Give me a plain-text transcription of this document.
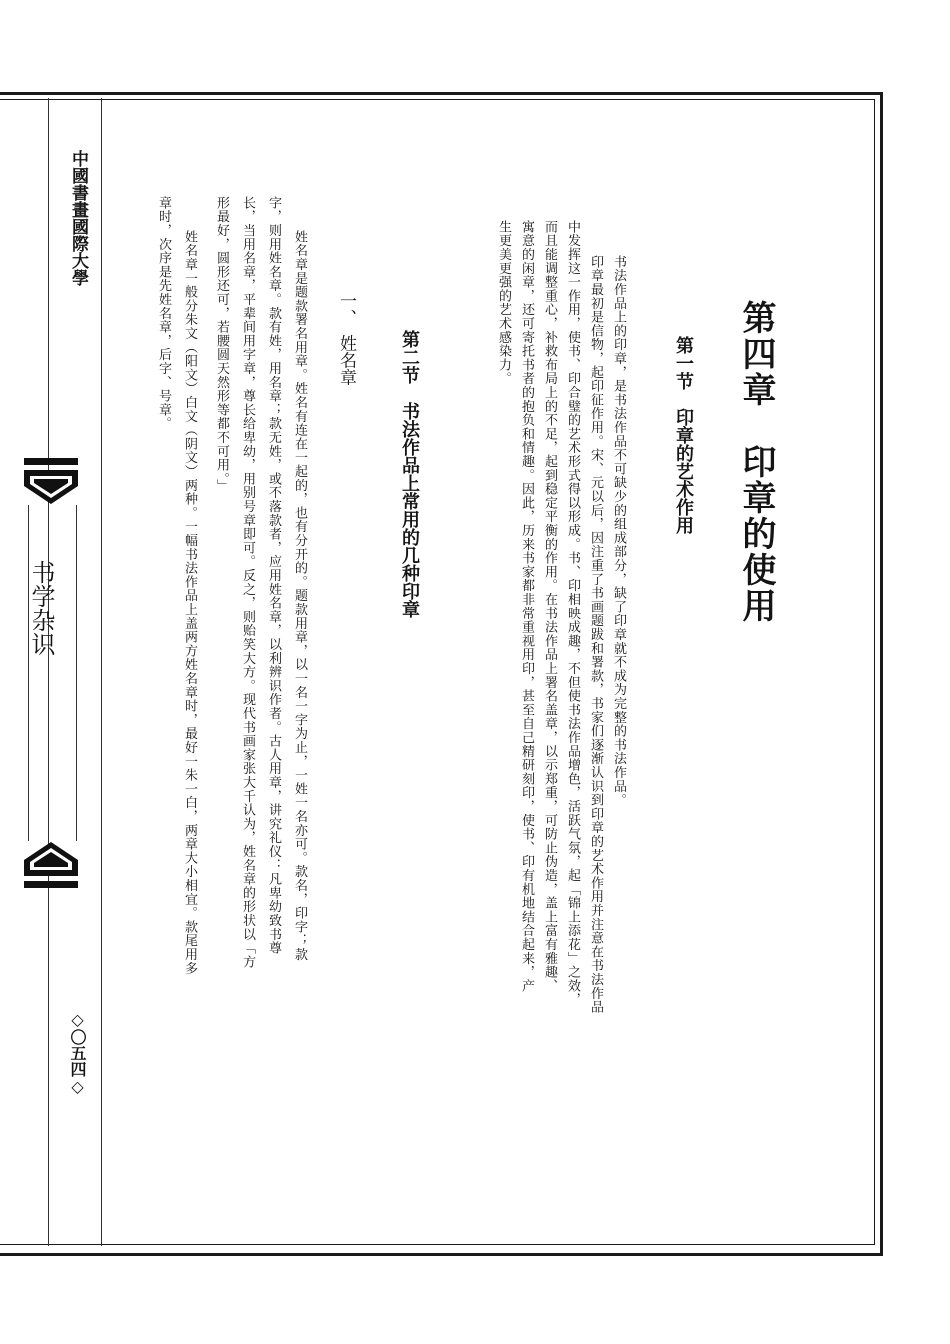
中國書畫國際大學
书学杂识
◇〇五四◇
第四章　印章的使用
第一节　印章的艺术作用
书法作品上的印章，是书法作品不可缺少的组成部分，缺了印章就不成为完整的书法作品。
印章最初是信物，起印征作用。宋、元以后，因注重了书画题跋和署款，书家们逐渐认识到印章的艺术作用并注意在书法作品
中发挥这一作用，使书、印合璧的艺术形式得以形成。书、印相映成趣，不但使书法作品增色，活跃气氛，起「锦上添花」之效，
而且能调整重心，补救布局上的不足，起到稳定平衡的作用。在书法作品上署名盖章，以示郑重，可防止伪造，盖上富有雅趣、
寓意的闲章，还可寄托书者的抱负和情趣。因此，历来书家都非常重视用印，甚至自己精研刻印，使书、印有机地结合起来，产
生更美更强的艺术感染力。
第二节　书法作品上常用的几种印章
一、　姓名章
姓名章是题款署名用章。姓名有连在一起的，也有分开的。题款用章，以一名一字为止，一姓一名亦可。款名，印字；款
字，则用姓名章。款有姓，用名章；款无姓，或不落款者，应用姓名章，以利辨识作者。古人用章，讲究礼仪：凡卑幼致书尊
长，当用名章，平辈间用字章，尊长给卑幼，用别号章即可。反之，则贻笑大方。现代书画家张大千认为，姓名章的形状以「方
形最好，圆形还可，若腰圆天然形等都不可用。」
姓名章一般分朱文（阳文）白文（阴文）两种。一幅书法作品上盖两方姓名章时，最好一朱一白，两章大小相宜。款尾用多
章时，次序是先姓名章，后字、号章。
